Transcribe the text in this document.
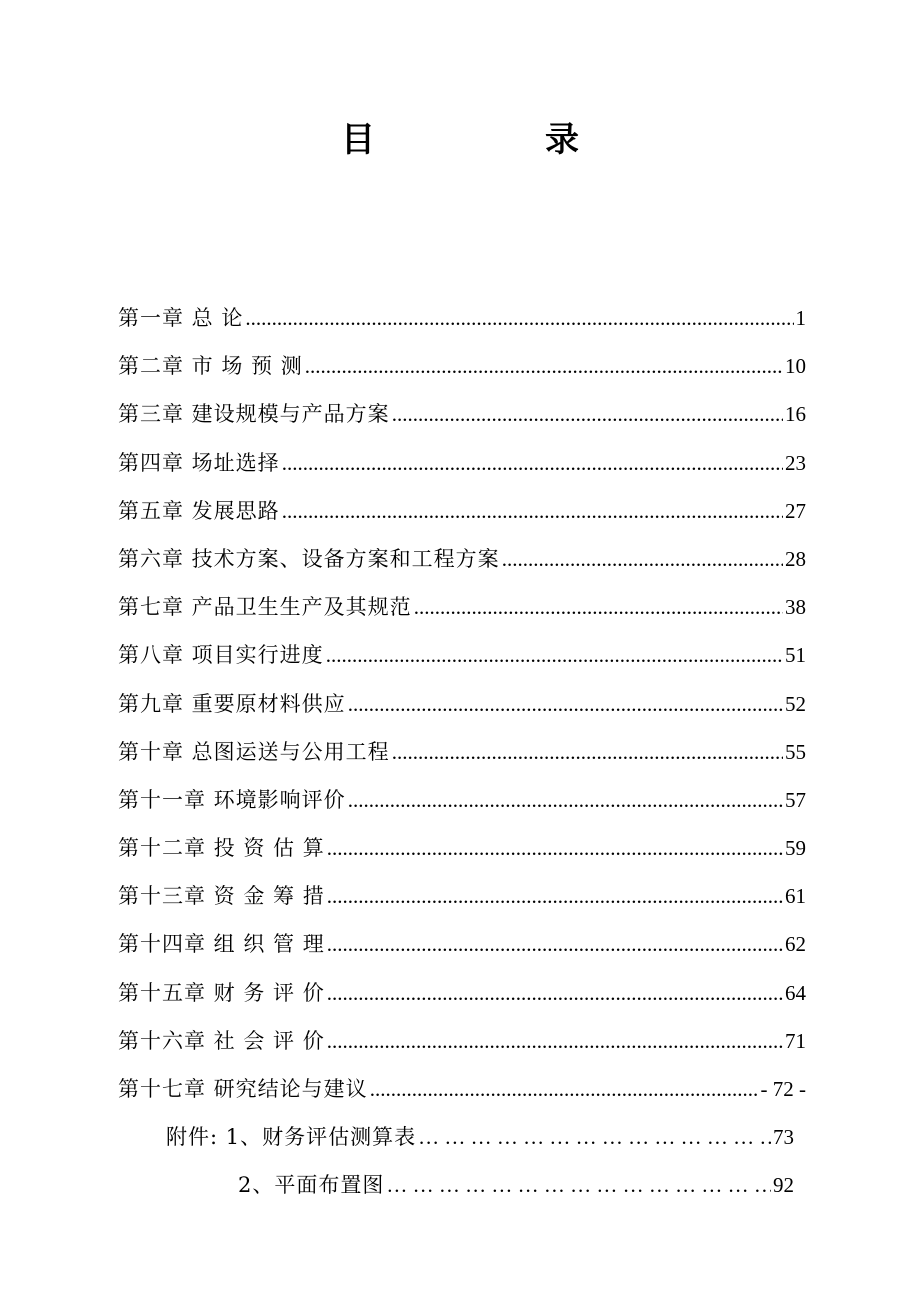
目　录
第一章 总 论 .....	1
第二章 市 场 预 测 .....	10
第三章 建设规模与产品方案 .....	16
第四章 场址选择 .....	23
第五章 发展思路 .....	27
第六章 技术方案、设备方案和工程方案 .....	28
第七章 产品卫生生产及其规范 .....	38
第八章 项目实行进度 .....	51
第九章 重要原材料供应 .....	52
第十章 总图运送与公用工程 .....	55
第十一章 环境影响评价 .....	57
第十二章 投 资 估 算 .....	59
第十三章 资 金 筹 措 .....	61
第十四章 组 织 管 理 .....	62
第十五章 财 务 评 价 .....	64
第十六章 社 会 评 价 .....	71
第十七章 研究结论与建议 .....	- 72 -
附件: 1、财务评估测算表 … … … … … … … … … … … … … … … … … … … … … … … … … … … … … … … … … … … … … … … …	73
2、平面布置图 … … … … … … … … … … … … … … … … … … … … … … … … … … … … … … … … … … … … … … … …	92
